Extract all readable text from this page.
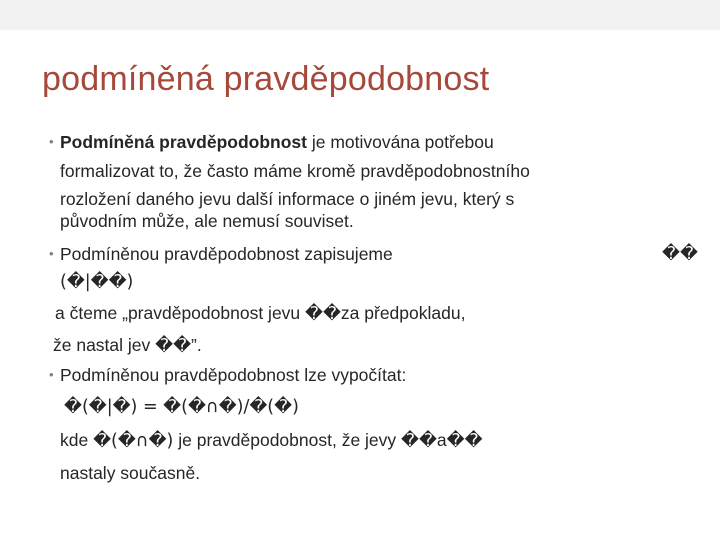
podmíněná pravděpodobnost
• Podmíněná pravděpodobnost je motivována potřebou
formalizovat to, že často máme kromě pravděpodobnostního
rozložení daného jevu další informace o jiném jevu, který s
původním může, ale nemusí souviset.
• Podmíněnou pravděpodobnost zapisujeme	��
(�|��)
a čteme „pravděpodobnost jevu ��za předpokladu,
že nastal jev ��”.
• Podmíněnou pravděpodobnost lze vypočítat:
�(�|�) = �(�∩�)/�(�)
kde �(�∩�) je pravděpodobnost, že jevy ��a��
nastaly současně.
